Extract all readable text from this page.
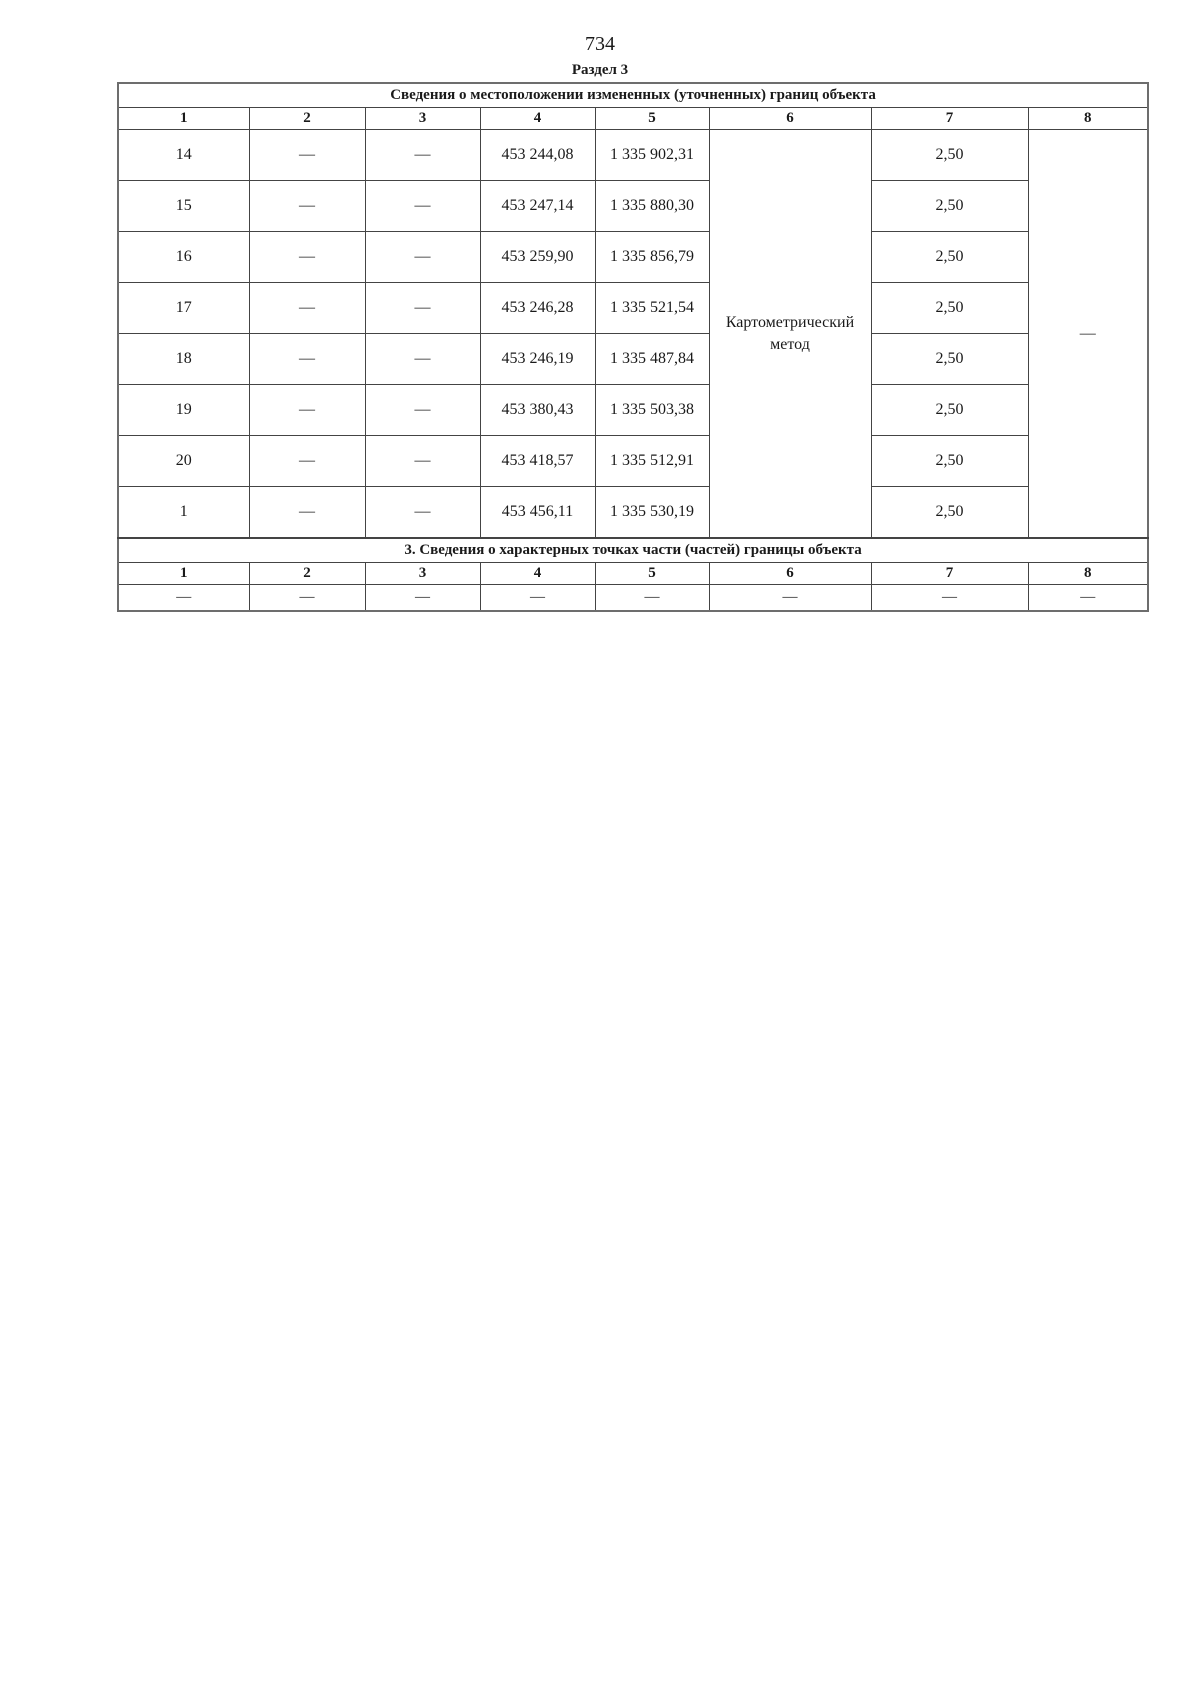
734
Раздел 3
Сведения о местоположении измененных (уточненных) границ объекта							
1	2	3	4	5	6	7	8
14	—	—	453 244,08	1 335 902,31	Картометрический метод	2,50	—
15	—	—	453 247,14	1 335 880,30		2,50	
16	—	—	453 259,90	1 335 856,79		2,50	
17	—	—	453 246,28	1 335 521,54		2,50	
18	—	—	453 246,19	1 335 487,84		2,50	
19	—	—	453 380,43	1 335 503,38		2,50	
20	—	—	453 418,57	1 335 512,91		2,50	
1	—	—	453 456,11	1 335 530,19		2,50	
3. Сведения о характерных точках части (частей) границы объекта							
1	2	3	4	5	6	7	8
—	—	—	—	—	—	—	—
